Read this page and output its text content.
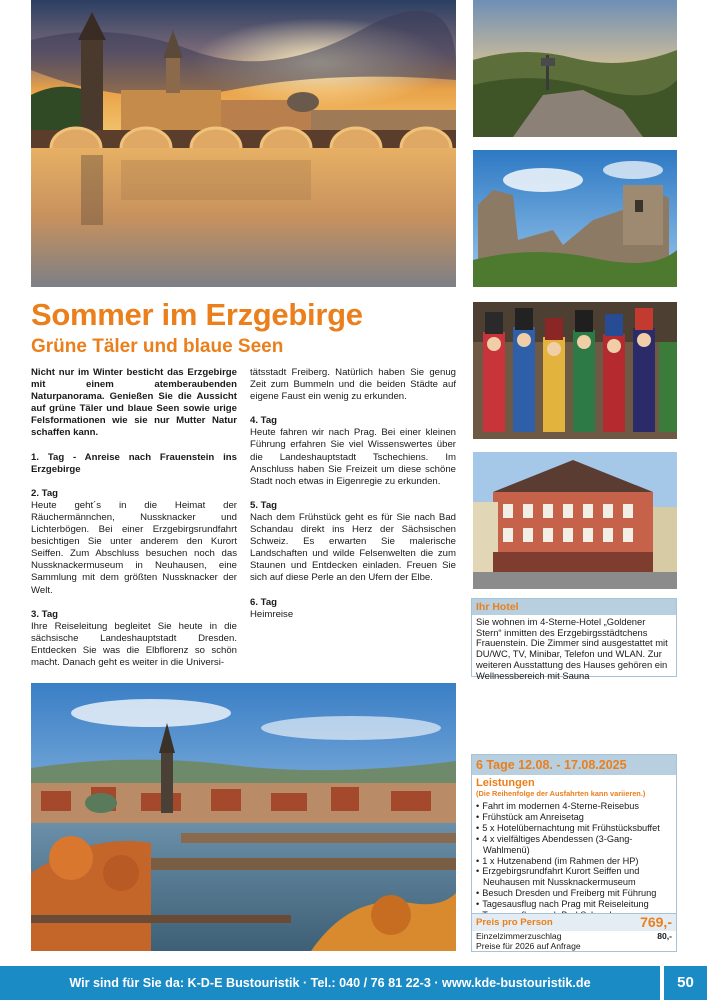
Sommer im Erzgebirge
Grüne Täler und blaue Seen

Nicht nur im Winter besticht das Erzgebirge mit einem atemberaubenden Naturpanorama. Genießen Sie die Aussicht auf grüne Täler und blaue Seen sowie urige Felsformationen wie sie nur Mutter Natur schaffen kann.

1. Tag - Anreise nach Frauenstein ins Erzgebirge

2. Tag
Heute geht´s in die Heimat der Räuchermännchen, Nussknacker und Lichterbögen. Bei einer Erzgebirgsrundfahrt besichtigen Sie unter anderem den Kurort Seiffen. Zum Abschluss besuchen noch das Nussknackermuseum in Neuhausen, eine Sammlung mit dem größten Nussknacker der Welt.

3. Tag
Ihre Reiseleitung begleitet Sie heute in die sächsische Landeshauptstadt Dresden. Entdecken Sie was die Elbflorenz so schön macht. Danach geht es weiter in die Universi-

tätsstadt Freiberg. Natürlich haben Sie genug Zeit zum Bummeln und die beiden Städte auf eigene Faust ein wenig zu erkunden.

4. Tag
Heute fahren wir nach Prag. Bei einer kleinen Führung erfahren Sie viel Wissenswertes über die Landeshauptstadt Tschechiens. Im Anschluss haben Sie Freizeit um diese schöne Stadt noch etwas in Eigenregie zu erkunden.

5. Tag
Nach dem Frühstück geht es für Sie nach Bad Schandau direkt ins Herz der Sächsischen Schweiz. Es erwarten Sie malerische Landschaften und wilde Felsenwelten die zum Staunen und Entdecken einladen. Freuen Sie sich auf diese Perle an den Ufern der Elbe.

6. Tag
Heimreise

Ihr Hotel
Sie wohnen im 4-Sterne-Hotel „Goldener Stern“ inmitten des Erzgebirgsstädtchens Frauenstein. Die Zimmer sind ausgestattet mit DU/WC, TV, Minibar, Telefon und WLAN. Zur weiteren Ausstattung des Hauses gehören ein Wellnessbereich mit Sauna
6 Tage 12.08. - 17.08.2025
Leistungen
(Die Reihenfolge der Ausfahrten kann variieren.)
• Fahrt im modernen 4-Sterne-Reisebus
• Frühstück am Anreisetag
• 5 x Hotelübernachtung mit Frühstücksbuffet
• 4 x vielfältiges Abendessen (3-Gang-Wahlmenü)
• 1 x Hutzenabend (im Rahmen der HP)
• Erzgebirgsrundfahrt Kurort Seiffen und Neuhausen mit Nussknackermuseum
• Besuch Dresden und Freiberg mit Führung
• Tagesausflug nach Prag mit Reiseleitung
•
Preis pro Person	769,-
Einzelzimmerzuschlag	80,-
Preise für 2026 auf Anfrage
Wir sind für Sie da: K-D-E Bustouristik · Tel.: 040 / 76 81 22-3 · www.kde-bustouristik.de	50
